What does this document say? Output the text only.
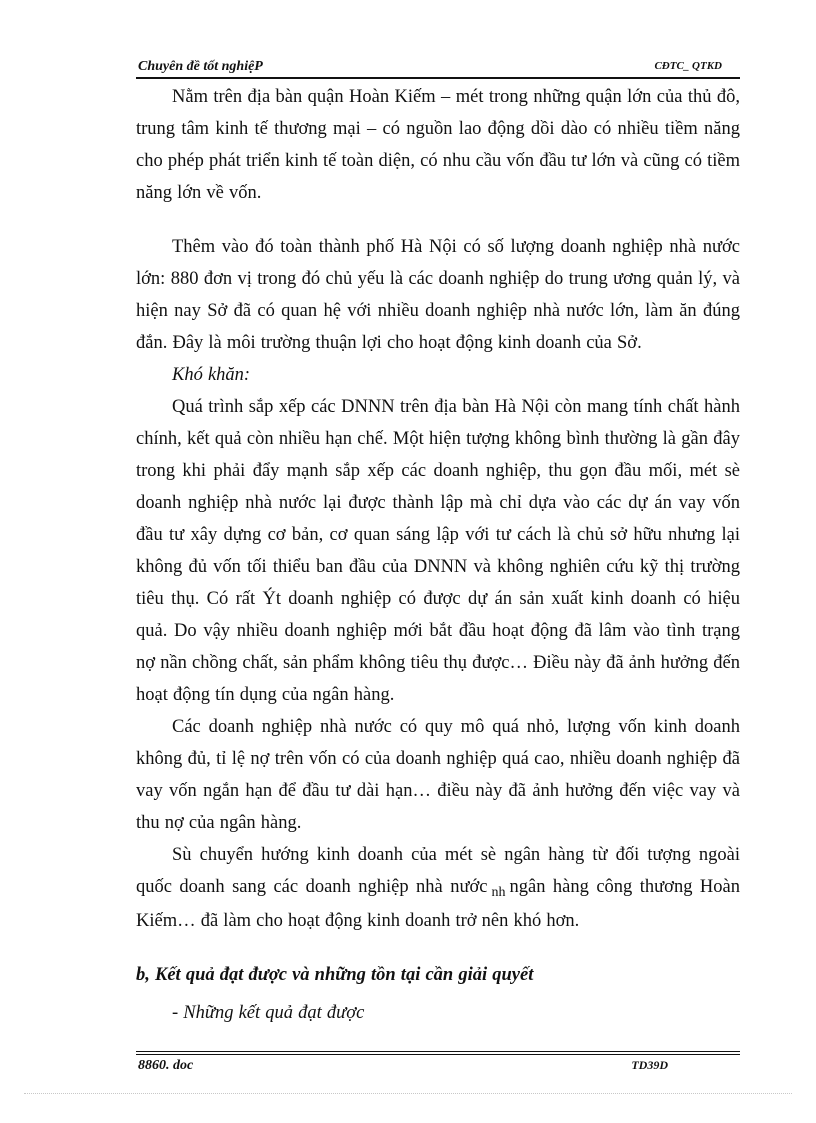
Chuyên đề tốt nghiệP	CĐTC_ QTKD

Nằm trên địa bàn quận Hoàn Kiếm – mét trong những quận lớn của thủ đô, trung tâm kinh tế thương mại – có nguồn lao động dồi dào có nhiều tiềm năng cho phép phát triển kinh tế toàn diện, có nhu cầu vốn đầu tư lớn và cũng có tiềm năng lớn về vốn.

Thêm vào đó toàn thành phố Hà Nội có số lượng doanh nghiệp nhà nước lớn: 880 đơn vị trong đó chủ yếu là các doanh nghiệp do trung ương quản lý, và hiện nay Sở đã có quan hệ với nhiều doanh nghiệp nhà nước lớn, làm ăn đúng đắn. Đây là môi trường thuận lợi cho hoạt động kinh doanh của Sở.

Khó khăn:

Quá trình sắp xếp các DNNN trên địa bàn Hà Nội còn mang tính chất hành chính, kết quả còn nhiều hạn chế. Một hiện tượng không bình thường là gần đây trong khi phải đẩy mạnh sắp xếp các doanh nghiệp, thu gọn đầu mối, mét sè doanh nghiệp nhà nước lại được thành lập mà chỉ dựa vào các dự án vay vốn đầu tư xây dựng cơ bản, cơ quan sáng lập với tư cách là chủ sở hữu nhưng lại không đủ vốn tối thiểu ban đầu của DNNN và không nghiên cứu kỹ thị trường tiêu thụ. Có rất Ýt doanh nghiệp có được dự án sản xuất kinh doanh có hiệu quả. Do vậy nhiều doanh nghiệp mới bắt đầu hoạt động đã lâm vào tình trạng nợ nần chồng chất, sản phẩm không tiêu thụ được… Điều này đã ảnh hưởng đến hoạt động tín dụng của ngân hàng.

Các doanh nghiệp nhà nước có quy mô quá nhỏ, lượng vốn kinh doanh không đủ, tỉ lệ nợ trên vốn có của doanh nghiệp quá cao, nhiều doanh nghiệp đã vay vốn ngắn hạn để đầu tư dài hạn… điều này đã ảnh hưởng đến việc vay và thu nợ của ngân hàng.

Sù chuyển hướng kinh doanh của mét sè ngân hàng từ đối tượng ngoài quốc doanh sang các doanh nghiệp nhà nước $_{nh}$ ngân hàng công thương Hoàn Kiếm… đã làm cho hoạt động kinh doanh trở nên khó hơn.

b, Kết quả đạt được và những tồn tại cần giải quyết

- Những kết quả đạt được

8860. doc	TD39D
